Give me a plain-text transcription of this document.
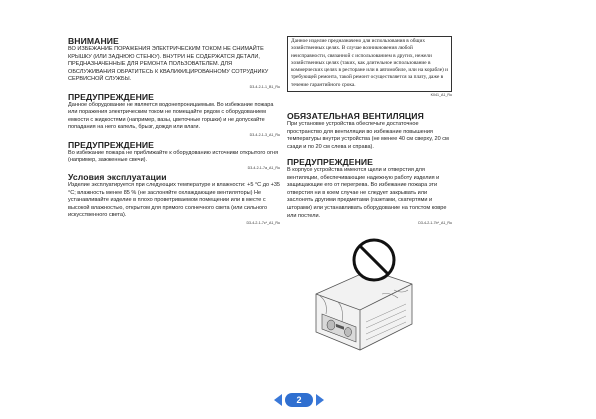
ВНИМАНИЕ

ВО ИЗБЕЖАНИЕ ПОРАЖЕНИЯ ЭЛЕКТРИЧЕСКИМ ТОКОМ НЕ СНИМАЙТЕ КРЫШКУ (ИЛИ ЗАДНЮЮ СТЕНКУ). ВНУТРИ НЕ СОДЕРЖАТСЯ ДЕТАЛИ, ПРЕДНАЗНАЧЕННЫЕ ДЛЯ РЕМОНТА ПОЛЬЗОВАТЕЛЕМ. ДЛЯ ОБСЛУЖИВАНИЯ ОБРАТИТЕСЬ К КВАЛИФИЦИРОВАННОМУ СОТРУДНИКУ СЕРВИСНОЙ СЛУЖБЫ.

D3-4-2-1-1_B1_Ru

ПРЕДУПРЕЖДЕНИЕ

Данное оборудование не является водонепроницаемым. Во избежание пожара или поражения электрическим током не помещайте рядом с оборудованием емкости с жидкостями (например, вазы, цветочные горшки) и не допускайте попадания на него капель, брызг, дождя или влаги.

D3-4-2-1-3_A1_Ru

ПРЕДУПРЕЖДЕНИЕ

Во избежание пожара не приближайте к оборудованию источники открытого огня (например, зажженные свечи).

D3-4-2-1-7a_A1_Ru

Условия эксплуатации

Изделие эксплуатируется при следующих температуре и влажности: +5 °C до +35 °C; влажность менее 85 % (не заслоняйте охлаждающие вентиляторы) Не устанавливайте изделие в плохо проветриваемом помещении или в месте с высокой влажностью, открытом для прямого солнечного света (или сильного искусственного света).

D3-4-2-1-7c*_A1_Ru

Данное изделие предназначено для использования в общих хозяйственных целях. В случае возникновения любой неисправности, связанной с использованием в других, нежели хозяйственных целях (таких, как длительное использование в коммерческих целях в ресторане или в автомобиле, или на корабле) и требующей ремонта, такой ремонт осуществляется за плату, даже в течение гарантийного срока.

K041_A1_Ru

ОБЯЗАТЕЛЬНАЯ ВЕНТИЛЯЦИЯ

При установке устройства обеспечьте достаточное пространство для вентиляции во избежание повышения температуры внутри устройства (не менее 40 см сверху, 20 см сзади и по 20 см слева и справа).

ПРЕДУПРЕЖДЕНИЕ

В корпусе устройства имеются щели и отверстия для вентиляции, обеспечивающие надежную работу изделия и защищающие его от перегрева. Во избежание пожара эти отверстия ни в коем случае не следует закрывать или заслонять другими предметами (газетами, скатертями и шторами) или устанавливать оборудование на толстом ковре или постели.

D3-4-2-1-7b*_A1_Ru

2
